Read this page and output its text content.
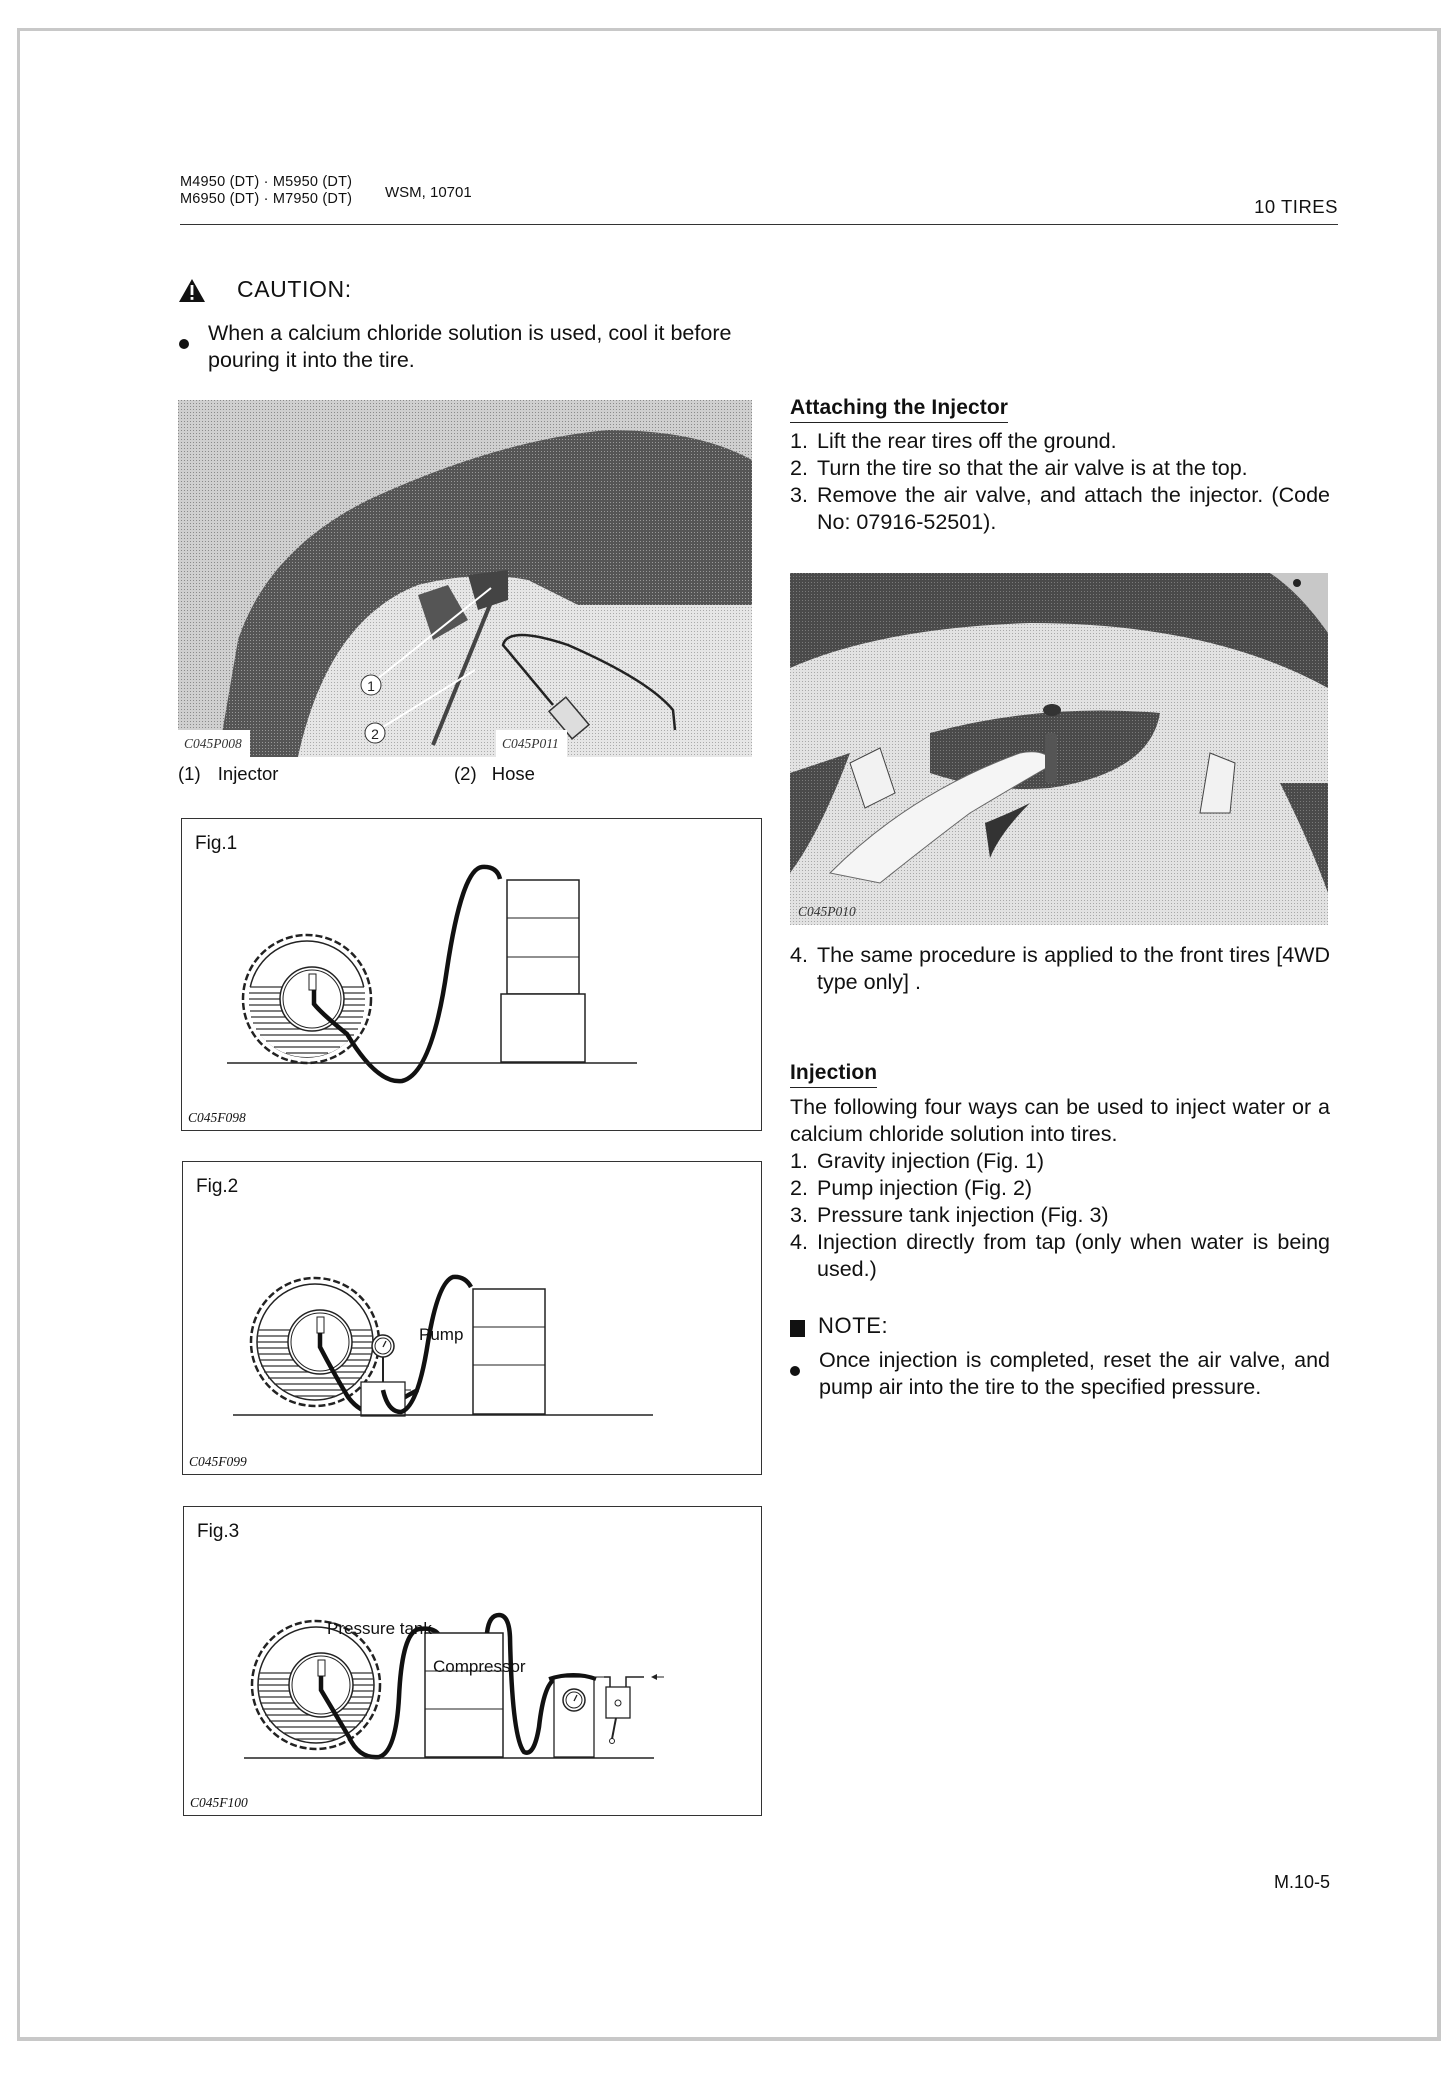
M4950 (DT) · M5950 (DT)
M6950 (DT) · M7950 (DT) WSM, 10701
10 TIRES
CAUTION:
When a calcium chloride solution is used, cool it before pouring it into the tire.
1
2
C045P008	C045P011
(1) Injector	(2) Hose
Attaching the Injector
1. Lift the rear tires off the ground.
2. Turn the tire so that the air valve is at the top.
3. Remove the air valve, and attach the injector. (Code No: 07916-52501).
C045P010
4. The same procedure is applied to the front tires [4WD type only] .
Injection
The following four ways can be used to inject water or a calcium chloride solution into tires.
1. Gravity injection (Fig. 1)
2. Pump injection (Fig. 2)
3. Pressure tank injection (Fig. 3)
4. Injection directly from tap (only when water is being used.)
NOTE:
Once injection is completed, reset the air valve, and pump air into the tire to the specified pressure.
Fig.1
C045F098
Fig.2
Pump
C045F099
Fig.3
Pressure tank
Compressor
C045F100
M.10-5
